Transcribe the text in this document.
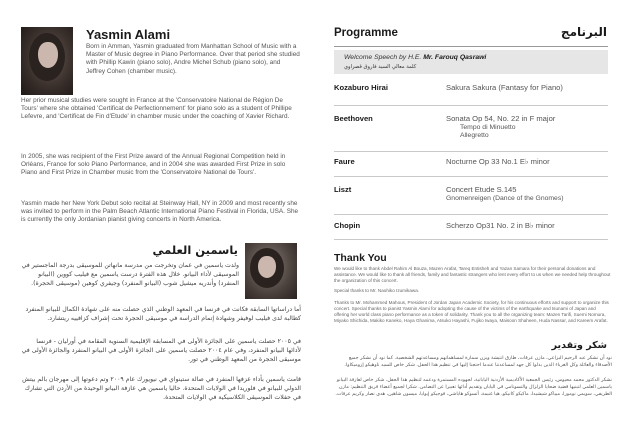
Yasmin Alami
Born in Amman, Yasmin graduated from Manhattan School of Music with a Master of Music degree in Piano Performance. Over that period she studied with Phillip Kawin (piano solo), Andre Michel Schub (piano solo), and Jeffrey Cohen (chamber music).
Her prior musical studies were sought in France at the 'Conservatoire National de Région De Tours' where she obtained 'Certificat de Perfectionnement' for piano solo as a student of Phillipe Lefevre, and 'Certificat de Fin d'Etude' in chamber music under the coaching of Xavier Richard.
In 2005, she was recipient of the First Prize award of the Annual Regional Competition held in Orléans, France for solo Piano Performance, and in 2004 she was awarded First Prize in solo Piano and First Prize in Chamber music from the 'Conservatoire National de Tours'.
Yasmin made her New York Debut solo recital at Steinway Hall, NY in 2009 and most recently she was invited to perform in the Palm Beach Atlantic International Piano Festival in Florida, USA. She is currently the only Jordanian pianist giving concerts in North America.
ياسمين العلمي
ولدت ياسمين في عمان وتخرجت من مدرسة مانهاتن للموسيقى بدرجة الماجستير في الموسيقى لأداء البيانو. خلال هذه الفترة درست ياسمين مع فيليب كووين (البيانو المنفرد) وأندريه ميشيل شوب (البيانو المنفرد) وجيفري كوهين (موسيقى الحجرة).
أما دراساتها السابقة فكانت في فرنسا في المعهد الوطني الذي حصلت منه على شهادة الكمال للبيانو المنفرد كطالبة لدى فيليب لوفيفر وشهادة إتمام الدراسة في موسيقى الحجرة تحت إشراف كزافييه ريتشارد.
في ٢٠٠٥ حصلت ياسمين على الجائزة الأولى في المسابقة الإقليمية السنوية المقامة في أورليان - فرنسا لأدائها البيانو المنفرد، وفي عام ٢٠٠٤ حصلت ياسمين على الجائزة الأولى في البيانو المنفرد والجائزة الأولى في موسيقى الحجرة من المعهد الوطني في تور.
قامت ياسمين بأداء عزفها المنفرد في صالة ستينواي في نيويورك عام ٢٠٠٩ وتم دعوتها إلى مهرجان بالم بيتش الدولي للبيانو في فلوريدا في الولايات المتحدة. حاليا ياسمين هي عازفة البيانو الوحيدة من الأردن التي تشارك في حفلات الموسيقى الكلاسيكية في الولايات المتحدة.
Programme	البرنامج
Welcome Speech by H.E. Mr. Farouq Qasrawi
كلمة معالي السيد فاروق قصراوي
Kozaburo Hirai	Sakura Sakura (Fantasy for Piano)
Beethoven	Sonata Op 54, No. 22 in F major
Tempo di Minuetto
Allegretto
Faure	Nocturne Op 33 No.1 E♭ minor
Liszt	Concert Etude S.145
Gnomenreigen (Dance of the Gnomes)
Chopin	Scherzo Op31 No. 2 in B♭ minor
Thank You
We would like to thank Abdel Rahim Al Bouza, Mazen Arafat, Tareq Entisheh and Yazan Samara for their personal donations and assistance. We would like to thank all friends, family and fantastic strangers who lent every effort to us when we needed help throughout the organization of this concert.
Special thanks to Mr. Naohiko Izumikawa.
Thanks to Mr. Mohammed Mahous, President of Jordan Japan Academic Society, for his continuous efforts and support to organize this concert. Special thanks to pianist Yasmin Alami for adopting the cause of the victims of the earthquake and tsunami of Japan and offering her world class piano performance as a token of solidarity. Thank you to all the organizing team: Mazen Tarifi, Suemi Nomura, Miyako Shichida, Makiko Kaneko, Haya Ghanima, Atsuko Hayashi, Fujiko Iwaya, Maisoon Shaheen, Huda Nassar, and Kareem Arafat.
شكر وتقدير
نود أن نشكر عبد الرحيم البزاعي، مازن عرفات، طارق انتيشة ويزن سمارة لمساهماتهم ومساعدتهم الشخصية. كما نود أن نشكر جميع الأصدقاء والعائلة وكل الغرباء الذين بذلوا كل جهد لمساعدتنا عندما احتجنا إليها في تنظيم هذا الحفل. شكر خاص للسيد ناوهيكو إزوميكاوا.
نشكر الدكتور محمد محيوس، رئيس الجمعية الأكاديمية الأردنية اليابانية، لجهوده المستمرة ودعمه لتنظيم هذا الحفل. شكر خاص لعازفة البيانو ياسمين العلمي لتبنيها قضية ضحايا الزلزال والتسونامي في اليابان وتقديم أدائها تعبيرا عن التضامن. شكرا لجميع أعضاء فريق التنظيم: مازن الطريفي، سويمي نومورا، ميياكو شيشيدا، ماكيكو كانيكو، هيا غنيمة، أتسوكو هاياشي، فوجيكو إيوايا، ميسون شاهين، هدى نصار وكريم عرفات.
